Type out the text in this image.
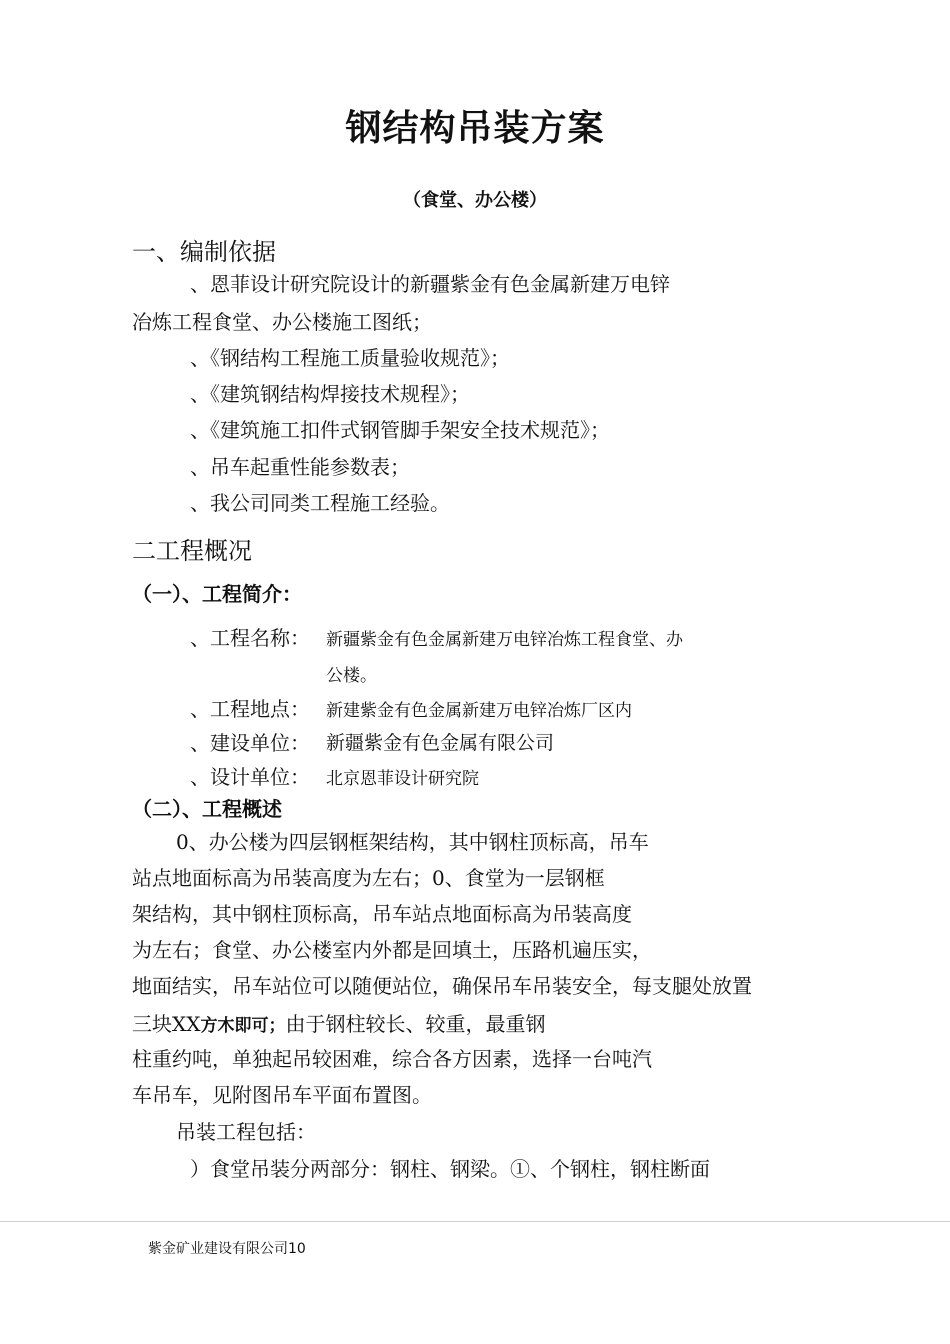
钢结构吊装方案
（食堂、办公楼）
一、编制依据
、恩菲设计研究院设计的新疆紫金有色金属新建万电锌
冶炼工程食堂、办公楼施工图纸；
、《钢结构工程施工质量验收规范》；
、《建筑钢结构焊接技术规程》；
、《建筑施工扣件式钢管脚手架安全技术规范》；
、吊车起重性能参数表；
、我公司同类工程施工经验。
二工程概况
（一）、工程简介：
、工程名称： 新疆紫金有色金属新建万电锌冶炼工程食堂、办
公楼。
、工程地点： 新建紫金有色金属新建万电锌冶炼厂区内
、建设单位： 新疆紫金有色金属有限公司
、设计单位： 北京恩菲设计研究院
（二）、工程概述
0、办公楼为四层钢框架结构，其中钢柱顶标高，吊车
站点地面标高为吊装高度为左右；0、食堂为一层钢框
架结构，其中钢柱顶标高，吊车站点地面标高为吊装高度
为左右；食堂、办公楼室内外都是回填土，压路机遍压实，
地面结实，吊车站位可以随便站位，确保吊车吊装安全，每支腿处放置
三块XX方木即可；由于钢柱较长、较重，最重钢
柱重约吨，单独起吊较困难，综合各方因素，选择一台吨汽
车吊车，见附图吊车平面布置图。
吊装工程包括：
）食堂吊装分两部分：钢柱、钢梁。①、个钢柱，钢柱断面
紫金矿业建设有限公司10
